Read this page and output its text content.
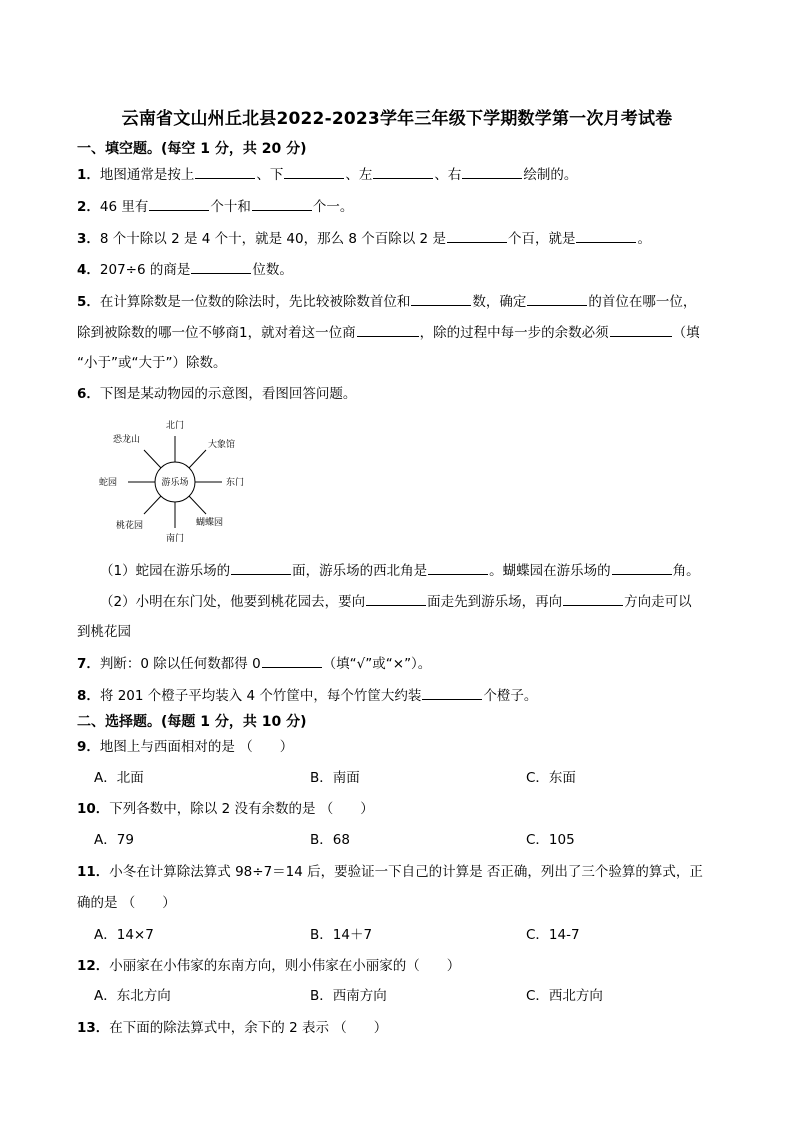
云南省文山州丘北县2022-2023学年三年级下学期数学第一次月考试卷
一、填空题。(每空 1 分，共 20 分)
1．地图通常是按上	、下	、左	、右	绘制的。
2．46 里有	个十和	个一。
3．8 个十除以 2 是 4 个十，就是 40，那么 8 个百除以 2 是	个百，就是	。
4．207÷6 的商是	位数。
5．在计算除数是一位数的除法时，先比较被除数首位和	数，确定	的首位在哪一位，
除到被除数的哪一位不够商1，就对着这一位商	，除的过程中每一步的余数必须	（填
“小于”或“大于”）除数。
6．下图是某动物园的示意图，看图回答问题。
游乐场
北门
南门
东门
蛇园
恐龙山	大象馆
桃花园	蝴蝶园
（1）蛇园在游乐场的	面，游乐场的西北角是	。蝴蝶园在游乐场的	角。
（2）小明在东门处，他要到桃花园去，要向	面走先到游乐场，再向	方向走可以
到桃花园
7．判断：0 除以任何数都得 0	（填“√”或“×”）。
8．将 201 个橙子平均装入 4 个竹筐中，每个竹筐大约装	个橙子。
二、选择题。(每题 1 分，共 10 分)
9．地图上与西面相对的是 （　　）
A．北面	B．南面	C．东面
10．下列各数中，除以 2 没有余数的是 （　　）
A．79	B．68	C．105
11．小冬在计算除法算式 98÷7＝14 后，要验证一下自己的计算是 否正确，列出了三个验算的算式，正
确的是 （　　）
A．14×7	B．14＋7	C．14-7
12．小丽家在小伟家的东南方向，则小伟家在小丽家的（　　）
A．东北方向	B．西南方向	C．西北方向
13．在下面的除法算式中，余下的 2 表示 （　　）
